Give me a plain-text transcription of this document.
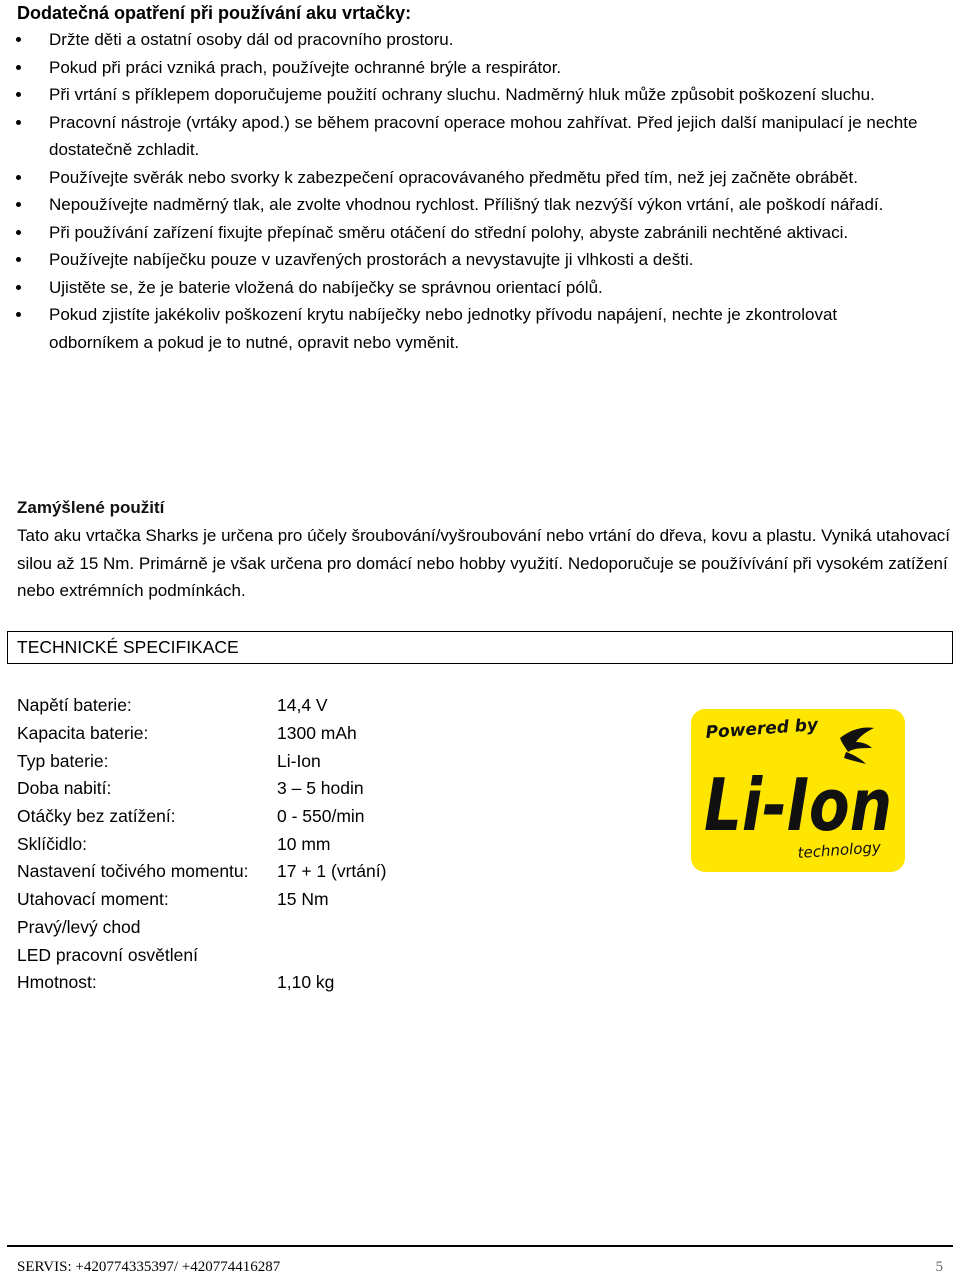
Dodatečná opatření při používání aku vrtačky:
Držte děti a ostatní osoby dál od pracovního prostoru.
Pokud při práci vzniká prach, používejte ochranné brýle a respirátor.
Při vrtání s příklepem doporučujeme použití ochrany sluchu. Nadměrný hluk může způsobit poškození sluchu.
Pracovní nástroje (vrtáky apod.) se během pracovní operace mohou zahřívat. Před jejich další manipulací je nechte dostatečně zchladit.
Používejte svěrák nebo svorky k zabezpečení opracovávaného předmětu před tím, než jej začněte obrábět.
Nepoužívejte nadměrný tlak, ale zvolte vhodnou rychlost. Přílišný tlak nezvýší výkon vrtání, ale poškodí nářadí.
Při používání zařízení fixujte přepínač směru otáčení do střední polohy, abyste zabránili nechtěné aktivaci.
Používejte nabíječku pouze v uzavřených prostorách a nevystavujte ji vlhkosti a dešti.
Ujistěte se, že je baterie vložená do nabíječky se správnou orientací pólů.
Pokud zjistíte jakékoliv poškození krytu nabíječky nebo jednotky přívodu napájení, nechte je zkontrolovat odborníkem a pokud je to nutné, opravit nebo vyměnit.
Zamýšlené použití

Tato aku vrtačka Sharks je určena pro účely šroubování/vyšroubování nebo vrtání do dřeva, kovu a plastu. Vyniká utahovací silou až 15 Nm. Primárně je však určena pro domácí nebo hobby využití. Nedoporučuje se používívání při vysokém zatížení nebo extrémních podmínkách.

TECHNICKÉ SPECIFIKACE
Napětí baterie:	14,4 V
Kapacita baterie:	1300 mAh
Typ baterie:	Li-Ion
Doba nabití:	3 – 5 hodin
Otáčky bez zatížení:	0 - 550/min
Sklíčidlo:	10 mm
Nastavení točivého momentu:	17 + 1 (vrtání)
Utahovací moment:	15 Nm
Pravý/levý chod	
LED pracovní osvětlení	
Hmotnost:	1,10 kg
Powered by
Li-Ion
technology
SERVIS: +420774335397/ +420774416287	5
